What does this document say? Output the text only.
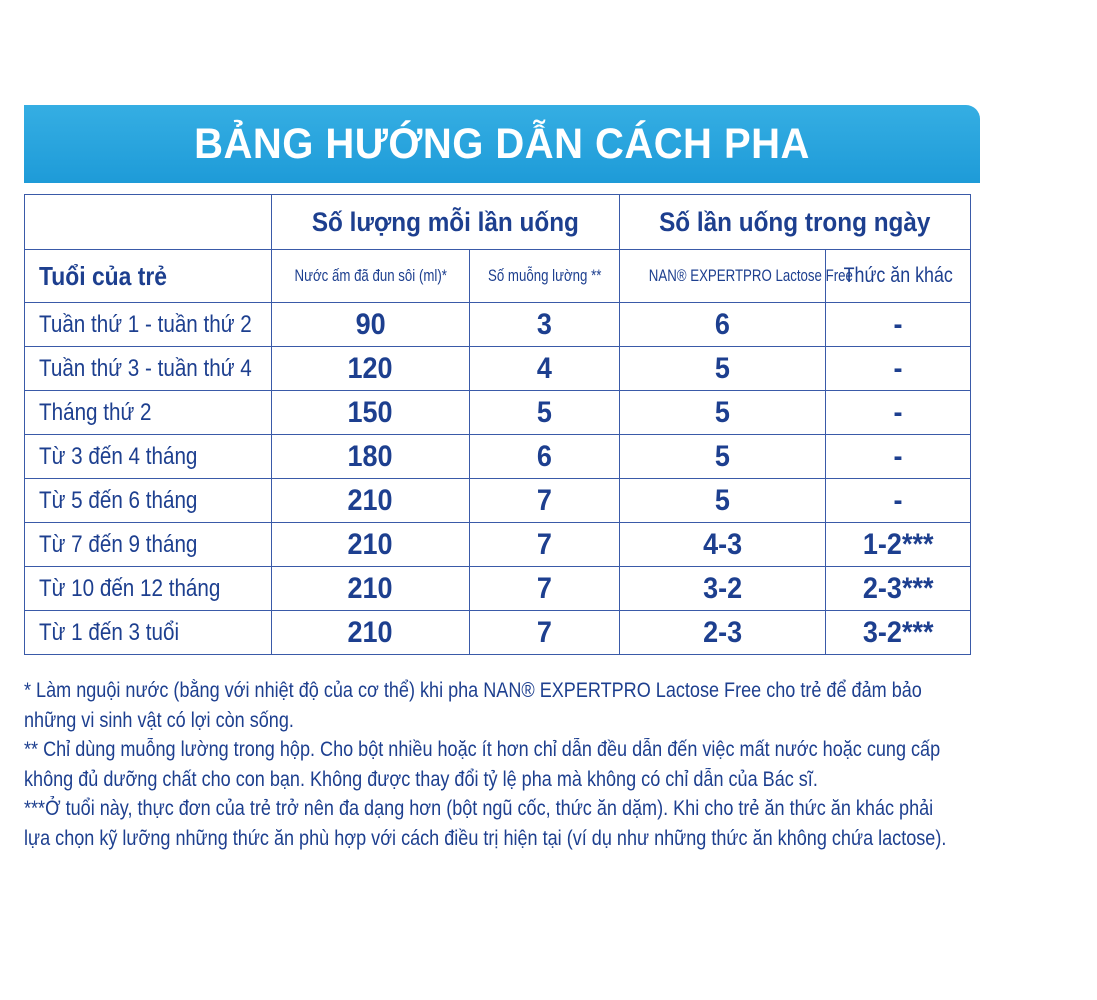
BẢNG HƯỚNG DẪN CÁCH PHA
	Số lượng mỗi lần uống		Số lần uống trong ngày	
Tuổi của trẻ	Nước ấm đã đun sôi (ml)*	Số muỗng lường **	NAN® EXPERTPRO Lactose Free	Thức ăn khác
Tuần thứ 1 - tuần thứ 2	90	3	6	-
Tuần thứ 3 - tuần thứ 4	120	4	5	-
Tháng thứ 2	150	5	5	-
Từ 3 đến 4 tháng	180	6	5	-
Từ 5 đến 6 tháng	210	7	5	-
Từ 7 đến 9 tháng	210	7	4-3	1-2***
Từ 10 đến 12 tháng	210	7	3-2	2-3***
Từ 1 đến 3 tuổi	210	7	2-3	3-2***

* Làm nguội nước (bằng với nhiệt độ của cơ thể) khi pha NAN® EXPERTPRO Lactose Free cho trẻ để đảm bảo

những vi sinh vật có lợi còn sống.

** Chỉ dùng muỗng lường trong hộp. Cho bột nhiều hoặc ít hơn chỉ dẫn đều dẫn đến việc mất nước hoặc cung cấp

không đủ dưỡng chất cho con bạn. Không được thay đổi tỷ lệ pha mà không có chỉ dẫn của Bác sĩ.

***Ở tuổi này, thực đơn của trẻ trở nên đa dạng hơn (bột ngũ cốc, thức ăn dặm). Khi cho trẻ ăn thức ăn khác phải

lựa chọn kỹ lưỡng những thức ăn phù hợp với cách điều trị hiện tại (ví dụ như những thức ăn không chứa lactose).
